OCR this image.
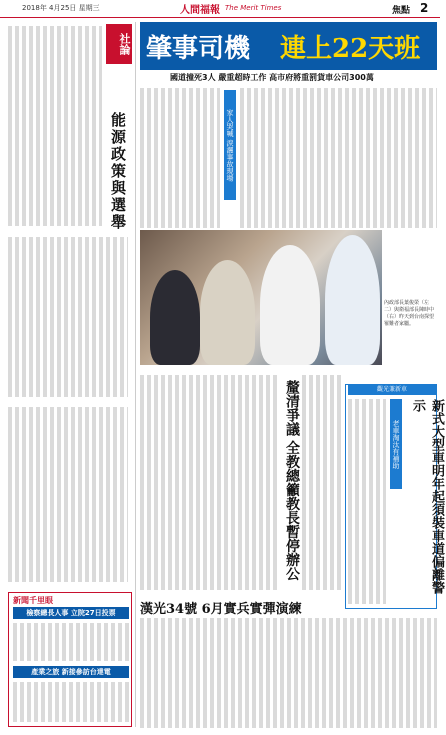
2018年 4月25日 星期三	人間福報 The Merit Times	焦點 2
社論
能源政策與選舉
新聞千里眼
檢察總長人事 立院27日投票
產業之旅 新接參訪台達電
肇事司機 連上22天班
國道撞死3人 嚴重超時工作 高市府將重罰貨車公司300萬
家人哭喊 淚灑事故現場
內政部長葉俊榮（左二）與衛福部長陳時中（右）昨天到台南探望罹難者家屬。
釐清爭議 全教總籲教長暫停辦公	觀光兼新車
新式大型車明年起須裝車道偏離警示
老車淘汰有補助
漢光34號 6月實兵實彈演練
